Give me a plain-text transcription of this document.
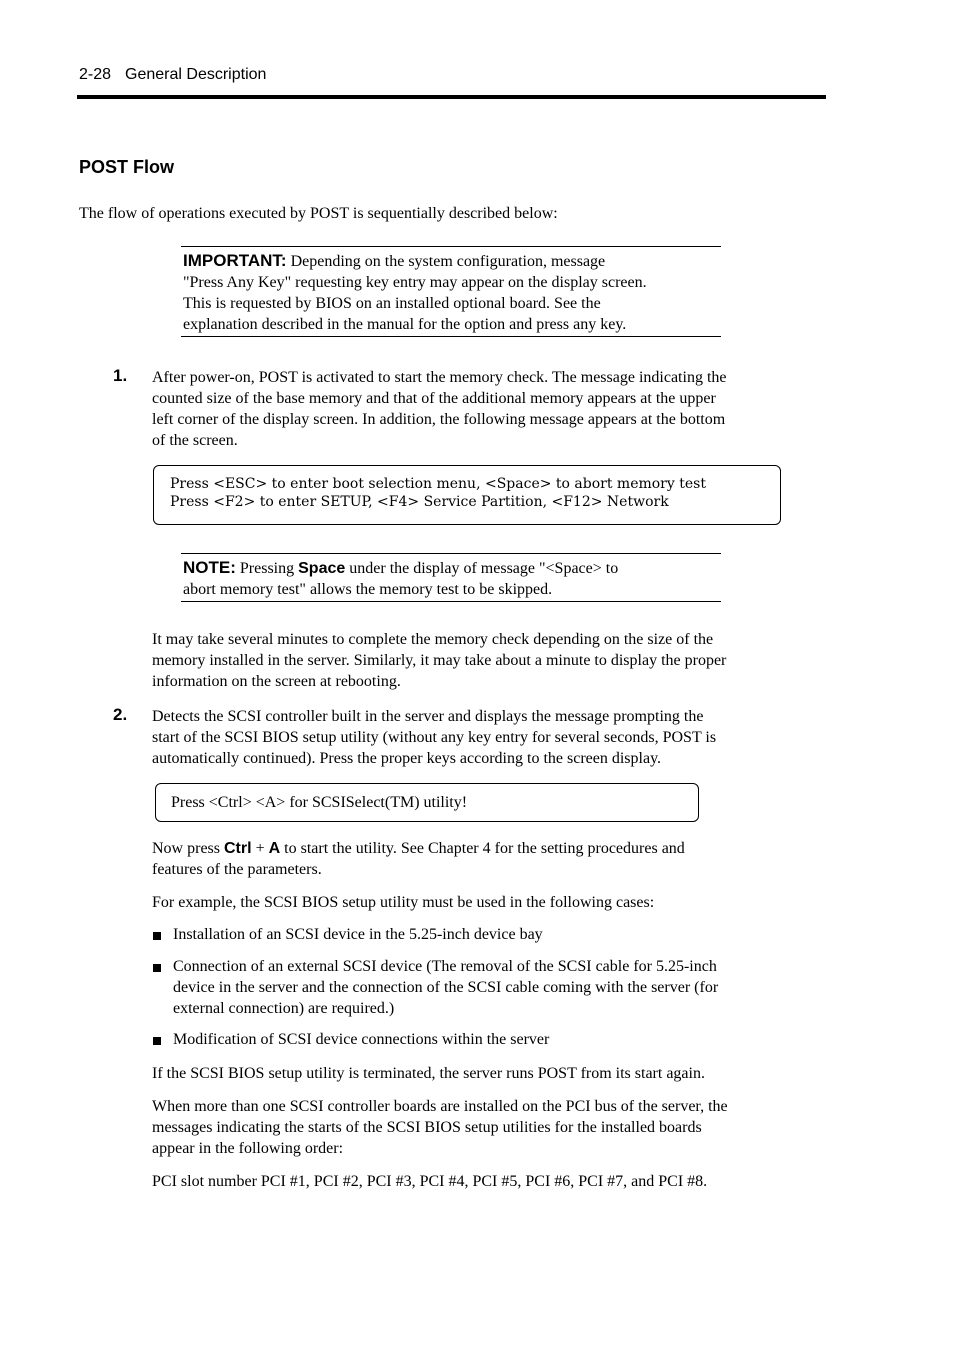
2-28 General Description
POST Flow
The flow of operations executed by POST is sequentially described below:
IMPORTANT: Depending on the system configuration, message
"Press Any Key" requesting key entry may appear on the display screen.
This is requested by BIOS on an installed optional board. See the
explanation described in the manual for the option and press any key.
1. After power-on, POST is activated to start the memory check. The message indicating the
counted size of the base memory and that of the additional memory appears at the upper
left corner of the display screen. In addition, the following message appears at the bottom
of the screen.
Press <ESC> to enter boot selection menu, <Space> to abort memory test
Press <F2> to enter SETUP, <F4> Service Partition, <F12> Network
NOTE: Pressing Space under the display of message "<Space> to
abort memory test" allows the memory test to be skipped.
It may take several minutes to complete the memory check depending on the size of the
memory installed in the server. Similarly, it may take about a minute to display the proper
information on the screen at rebooting.
2. Detects the SCSI controller built in the server and displays the message prompting the
start of the SCSI BIOS setup utility (without any key entry for several seconds, POST is
automatically continued). Press the proper keys according to the screen display.
Press <Ctrl> <A> for SCSISelect(TM) utility!
Now press Ctrl + A to start the utility. See Chapter 4 for the setting procedures and
features of the parameters.
For example, the SCSI BIOS setup utility must be used in the following cases:
Installation of an SCSI device in the 5.25-inch device bay
Connection of an external SCSI device (The removal of the SCSI cable for 5.25-inch
device in the server and the connection of the SCSI cable coming with the server (for
external connection) are required.)
Modification of SCSI device connections within the server
If the SCSI BIOS setup utility is terminated, the server runs POST from its start again.
When more than one SCSI controller boards are installed on the PCI bus of the server, the
messages indicating the starts of the SCSI BIOS setup utilities for the installed boards
appear in the following order:
PCI slot number PCI #1, PCI #2, PCI #3, PCI #4, PCI #5, PCI #6, PCI #7, and PCI #8.
